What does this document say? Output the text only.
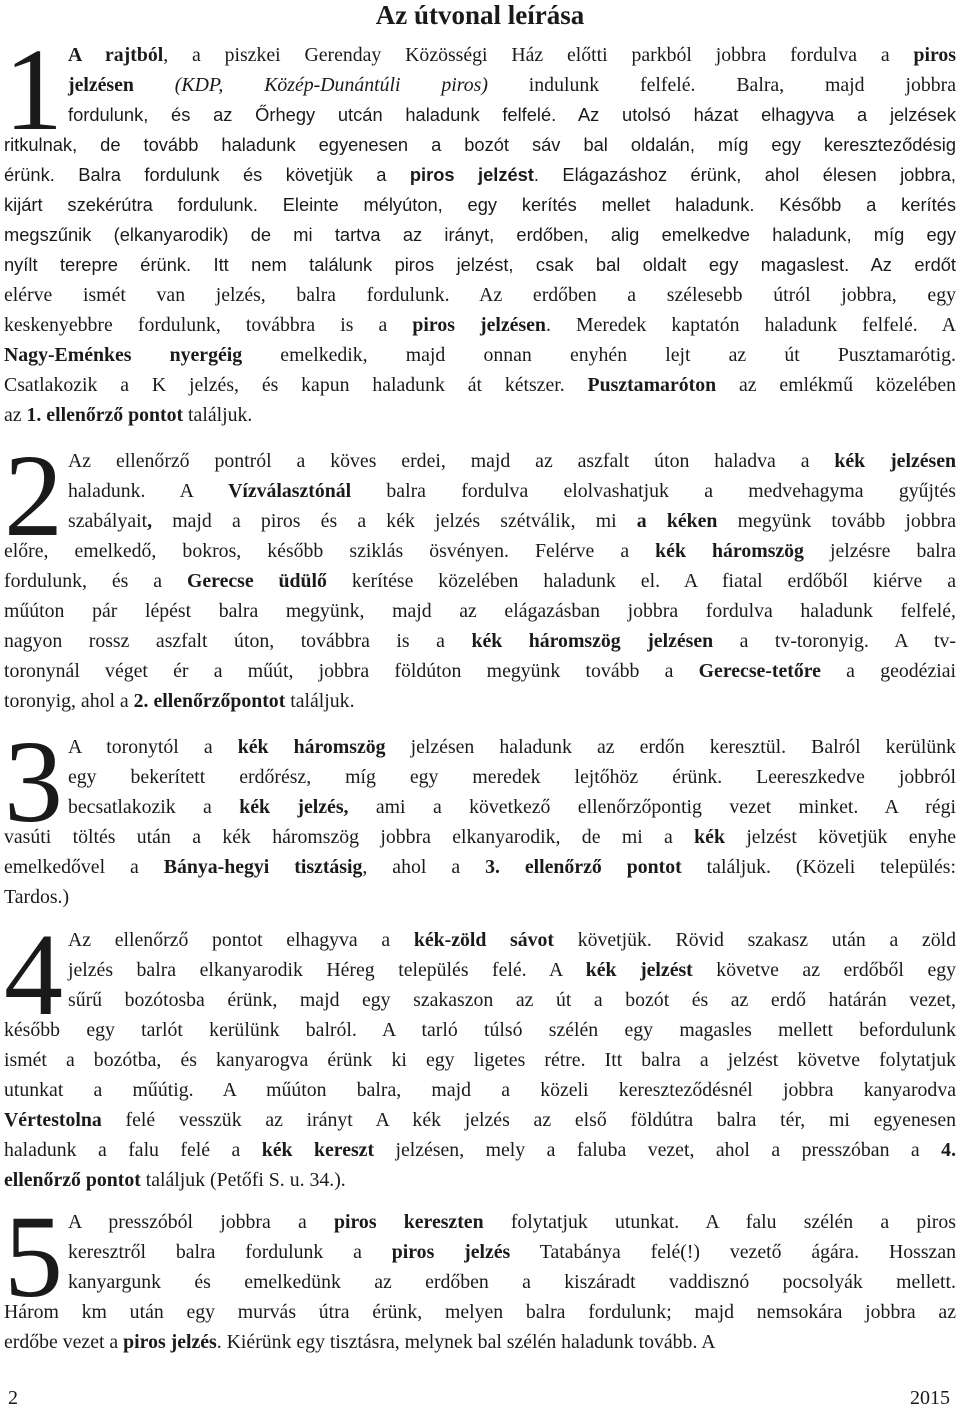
Az útvonal leírása
1 A rajtból, a piszkei Gerenday Közösségi Ház előtti parkból jobbra fordulva a piros
jelzésen (KDP, Közép-Dunántúli piros) indulunk felfelé. Balra, majd jobbra
fordulunk, és az Őrhegy utcán haladunk felfelé. Az utolsó házat elhagyva a jelzések
ritkulnak, de tovább haladunk egyenesen a bozót sáv bal oldalán, míg egy kereszteződésig
érünk. Balra fordulunk és követjük a piros jelzést. Elágazáshoz érünk, ahol élesen jobbra,
kijárt szekérútra fordulunk. Eleinte mélyúton, egy kerítés mellet haladunk. Később a kerítés
megszűnik (elkanyarodik) de mi tartva az irányt, erdőben, alig emelkedve haladunk, míg egy
nyílt terepre érünk. Itt nem találunk piros jelzést, csak bal oldalt egy magaslest. Az erdőt
elérve ismét van jelzés, balra fordulunk. Az erdőben a szélesebb útról jobbra, egy
keskenyebbre fordulunk, továbbra is a piros jelzésen. Meredek kaptatón haladunk felfelé. A
Nagy-Eménkes nyergéig emelkedik, majd onnan enyhén lejt az út Pusztamarótig.
Csatlakozik a K jelzés, és kapun haladunk át kétszer. Pusztamaróton az emlékmű közelében
az 1. ellenőrző pontot találjuk.
2 Az ellenőrző pontról a köves erdei, majd az aszfalt úton haladva a kék jelzésen
haladunk. A Vízválasztónál balra fordulva elolvashatjuk a medvehagyma gyűjtés
szabályait, majd a piros és a kék jelzés szétválik, mi a kéken megyünk tovább jobbra
előre, emelkedő, bokros, később sziklás ösvényen. Felérve a kék háromszög jelzésre balra
fordulunk, és a Gerecse üdülő kerítése közelében haladunk el. A fiatal erdőből kiérve a
műúton pár lépést balra megyünk, majd az elágazásban jobbra fordulva haladunk felfelé,
nagyon rossz aszfalt úton, továbbra is a kék háromszög jelzésen a tv-toronyig. A tv-
toronynál véget ér a műút, jobbra földúton megyünk tovább a Gerecse-tetőre a geodéziai
toronyig, ahol a 2. ellenőrzőpontot találjuk.
3 A toronytól a kék háromszög jelzésen haladunk az erdőn keresztül. Balról kerülünk
egy bekerített erdőrész, míg egy meredek lejtőhöz érünk. Leereszkedve jobbról
becsatlakozik a kék jelzés, ami a következő ellenőrzőpontig vezet minket. A régi
vasúti töltés után a kék háromszög jobbra elkanyarodik, de mi a kék jelzést követjük enyhe
emelkedővel a Bánya-hegyi tisztásig, ahol a 3. ellenőrző pontot találjuk. (Közeli település:
Tardos.)
4 Az ellenőrző pontot elhagyva a kék-zöld sávot követjük. Rövid szakasz után a zöld
jelzés balra elkanyarodik Héreg település felé. A kék jelzést követve az erdőből egy
sűrű bozótosba érünk, majd egy szakaszon az út a bozót és az erdő határán vezet,
később egy tarlót kerülünk balról. A tarló túlsó szélén egy magasles mellett befordulunk
ismét a bozótba, és kanyarogva érünk ki egy ligetes rétre. Itt balra a jelzést követve folytatjuk
utunkat a műútig. A műúton balra, majd a közeli kereszteződésnél jobbra kanyarodva
Vértestolna felé vesszük az irányt A kék jelzés az első földútra balra tér, mi egyenesen
haladunk a falu felé a kék kereszt jelzésen, mely a faluba vezet, ahol a presszóban a 4.
ellenőrző pontot találjuk (Petőfi S. u. 34.).
5 A presszóból jobbra a piros kereszten folytatjuk utunkat. A falu szélén a piros
keresztről balra fordulunk a piros jelzés Tatabánya felé(!) vezető ágára. Hosszan
kanyargunk és emelkedünk az erdőben a kiszáradt vaddisznó pocsolyák mellett.
Három km után egy murvás útra érünk, melyen balra fordulunk; majd nemsokára jobbra az
erdőbe vezet a piros jelzés. Kiérünk egy tisztásra, melynek bal szélén haladunk tovább. A
2	2015
